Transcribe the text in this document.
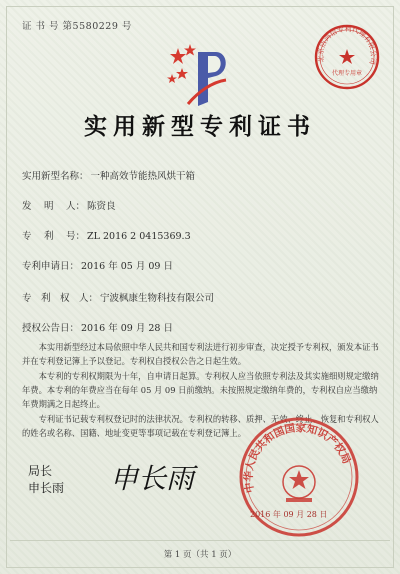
证 书 号 第5580229 号
北京洁鸿信专利代理有限公司
代理专用章
实用新型专利证书
实用新型名称： 一种高效节能热风烘干箱
发　 明　 人： 陈资良
专　 利　 号： ZL 2016 2 0415369.3
专利申请日： 2016 年 05 月 09 日
专　利　权　人： 宁波枫康生物科技有限公司
授权公告日： 2016 年 09 月 28 日
本实用新型经过本局依照中华人民共和国专利法进行初步审查，决定授予专利权，颁发本证书并在专利登记簿上予以登记。专利权自授权公告之日起生效。
本专利的专利权期限为十年，自申请日起算。专利权人应当依照专利法及其实施细则规定缴纳年费。本专利的年费应当在每年 05 月 09 日前缴纳。未按照规定缴纳年费的，专利权自应当缴纳年费期满之日起终止。
专利证书记载专利权登记时的法律状况。专利权的转移、质押、无效、终止、恢复和专利权人的姓名或名称、国籍、地址变更等事项记载在专利登记簿上。
局长
申长雨 申长雨	中华人民共和国国家知识产权局
2016 年 09 月 28 日
第 1 页（共 1 页）
